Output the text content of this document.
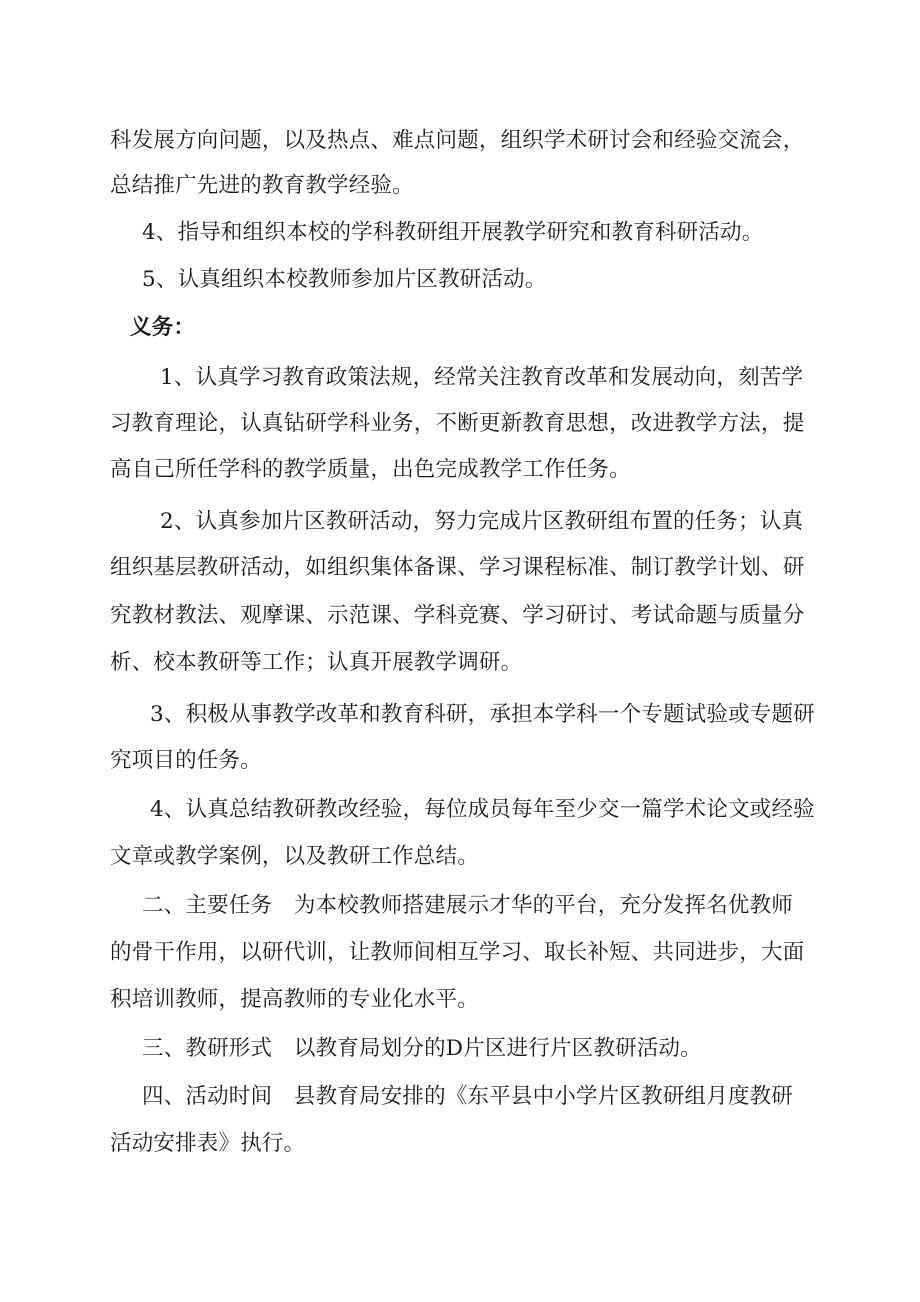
科发展方向问题，以及热点、难点问题，组织学术研讨会和经验交流会，
总结推广先进的教育教学经验。
4、指导和组织本校的学科教研组开展教学研究和教育科研活动。
5、认真组织本校教师参加片区教研活动。
义务：
1、认真学习教育政策法规，经常关注教育改革和发展动向，刻苦学
习教育理论，认真钻研学科业务，不断更新教育思想，改进教学方法，提
高自己所任学科的教学质量，出色完成教学工作任务。
2、认真参加片区教研活动，努力完成片区教研组布置的任务；认真
组织基层教研活动，如组织集体备课、学习课程标准、制订教学计划、研
究教材教法、观摩课、示范课、学科竞赛、学习研讨、考试命题与质量分
析、校本教研等工作；认真开展教学调研。
3、积极从事教学改革和教育科研，承担本学科一个专题试验或专题研
究项目的任务。
4、认真总结教研教改经验，每位成员每年至少交一篇学术论文或经验
文章或教学案例，以及教研工作总结。
二、主要任务　为本校教师搭建展示才华的平台，充分发挥名优教师
的骨干作用，以研代训，让教师间相互学习、取长补短、共同进步，大面
积培训教师，提高教师的专业化水平。
三、教研形式　以教育局划分的D片区进行片区教研活动。
四、活动时间　县教育局安排的《东平县中小学片区教研组月度教研
活动安排表》执行。
